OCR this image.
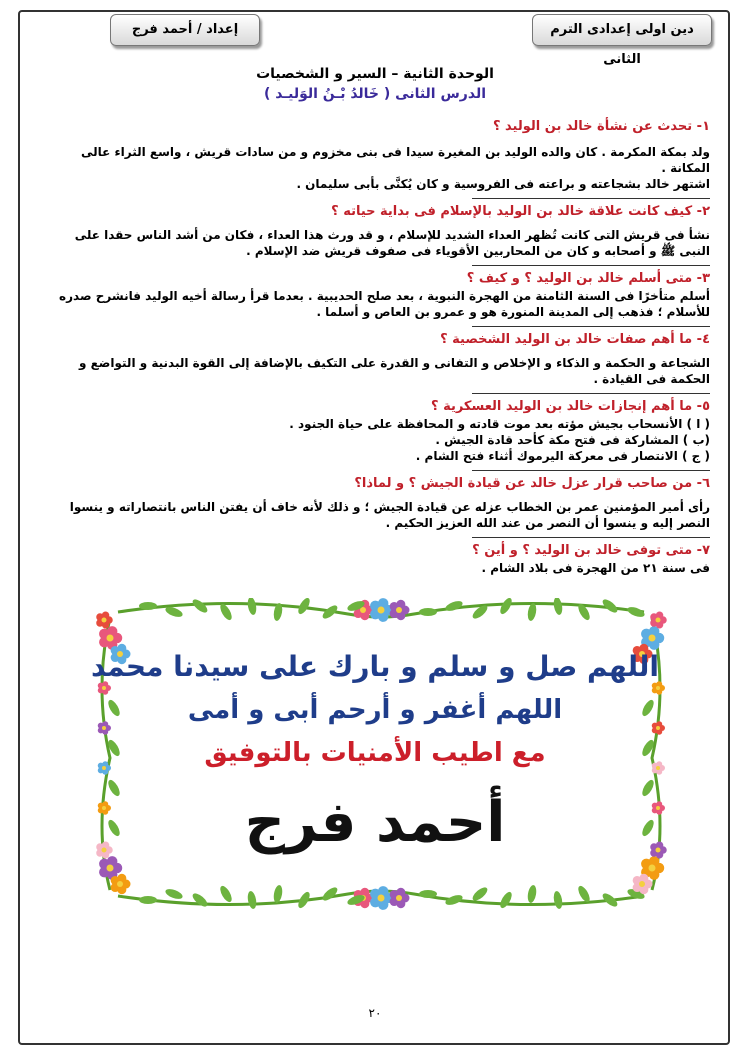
دين اولى إعدادى الترم الثانى
إعداد / أحمد فرج
الوحدة الثانية – السير و الشخصيات
الدرس الثانى ( خَالدُ بْـنُ الوَليـد )
١- تحدث عن نشأة خالد بن الوليد ؟
ولد بمكة المكرمة . كان والده الوليد بن المغيرة سيدا فى بنى مخزوم و من سادات قريش ، واسع الثراء عالى المكانة .
اشتهر خالد بشجاعته و براعته فى الفروسية و كان يُكنَّى بأبى سليمان .
٢- كيف كانت علاقة خالد بن الوليد بالإسلام فى بداية حياته ؟
نشأ فى قريش التى كانت تُظهر العداء الشديد للإسلام ، و قد ورث هذا العداء ، فكان من أشد الناس حقدا على النبى ﷺ و أصحابه و كان من المحاربين الأقوياء فى صفوف قريش ضد الإسلام .
٣- متى أسلم خالد بن الوليد ؟ و كيف ؟
أسلم متأخرًا فى السنة الثامنة من الهجرة النبوية ، بعد صلح الحديبية . بعدما قرأ رسالة أخيه الوليد فانشرح صدره للأسلام ؛ فذهب إلى المدينة المنورة هو و عمرو بن العاص و أسلما .
٤- ما أهم صفات خالد بن الوليد الشخصية ؟
الشجاعة و الحكمة و الذكاء و الإخلاص و التفانى و القدرة على التكيف بالإضافة إلى القوة البدنية و التواضع و الحكمة فى القيادة .
٥- ما أهم إنجازات خالد بن الوليد العسكرية ؟
( ا ) الأنسحاب بجيش مؤته بعد موت قادته و المحافظة على حياة الجنود .
(ب ) المشاركة فى فتح مكة كأحد قادة الجيش .
( ج ) الانتصار فى معركة اليرموك أثناء فتح الشام .
٦- من صاحب قرار عزل خالد عن قيادة الجيش ؟ و لماذا؟
رأى أمير المؤمنين عمر بن الخطاب عزله عن قيادة الجيش ؛ و ذلك لأنه خاف أن يفتن الناس بانتصاراته و ينسوا النصر إليه و ينسوا أن النصر من عند الله العزيز الحكيم .
٧- متى توفى خالد بن الوليد ؟ و أين ؟
فى سنة ٢١ من الهجرة فى بلاد الشام .
اللهم صل و سلم و بارك على سيدنا محمد
اللهم أغفر و أرحم أبى و أمى
مع اطيب الأمنيات بالتوفيق
أحمد فرج
٢٠
